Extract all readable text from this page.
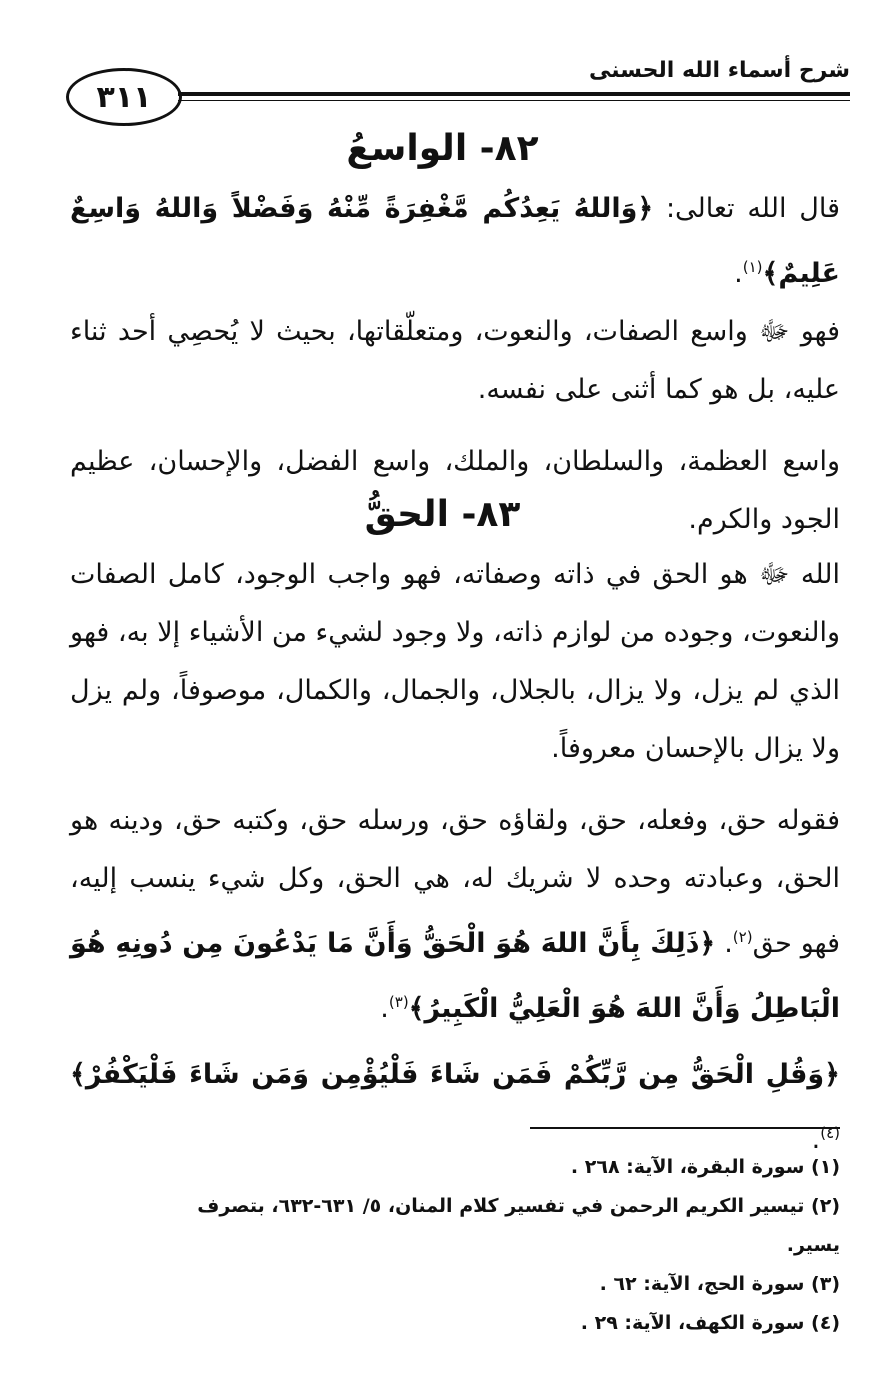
٣١١
شرح أسماء الله الحسنى
٨٢- الواسعُ

قال الله تعالى: ﴿وَاللهُ يَعِدُكُم مَّغْفِرَةً مِّنْهُ وَفَضْلاً وَاللهُ وَاسِعٌ عَلِيمٌ﴾$^{(١)}$.

فهو ﷻ واسع الصفات، والنعوت، ومتعلّقاتها، بحيث لا يُحصِي أحد ثناء عليه، بل هو كما أثنى على نفسه.

واسع العظمة، والسلطان، والملك، واسع الفضل، والإحسان، عظيم الجود والكرم.

٨٣- الحقُّ

الله ﷻ هو الحق في ذاته وصفاته، فهو واجب الوجود، كامل الصفات والنعوت، وجوده من لوازم ذاته، ولا وجود لشيء من الأشياء إلا به، فهو الذي لم يزل، ولا يزال، بالجلال، والجمال، والكمال، موصوفاً، ولم يزل ولا يزال بالإحسان معروفاً.

فقوله حق، وفعله، حق، ولقاؤه حق، ورسله حق، وكتبه حق، ودينه هو الحق، وعبادته وحده لا شريك له، هي الحق، وكل شيء ينسب إليه، فهو حق$^{(٢)}$. ﴿ذَلِكَ بِأَنَّ اللهَ هُوَ الْحَقُّ وَأَنَّ مَا يَدْعُونَ مِن دُونِهِ هُوَ الْبَاطِلُ وَأَنَّ اللهَ هُوَ الْعَلِيُّ الْكَبِيرُ﴾$^{(٣)}$.

﴿وَقُلِ الْحَقُّ مِن رَّبِّكُمْ فَمَن شَاءَ فَلْيُؤْمِن وَمَن شَاءَ فَلْيَكْفُرْ﴾$^{(٤)}$.

(١) سورة البقرة، الآية: ٢٦٨ .
(٢) تيسير الكريم الرحمن في تفسير كلام المنان، ٥/ ٦٣١-٦٣٢، بتصرف يسير.
(٣) سورة الحج، الآية: ٦٢ .
(٤) سورة الكهف، الآية: ٢٩ .
